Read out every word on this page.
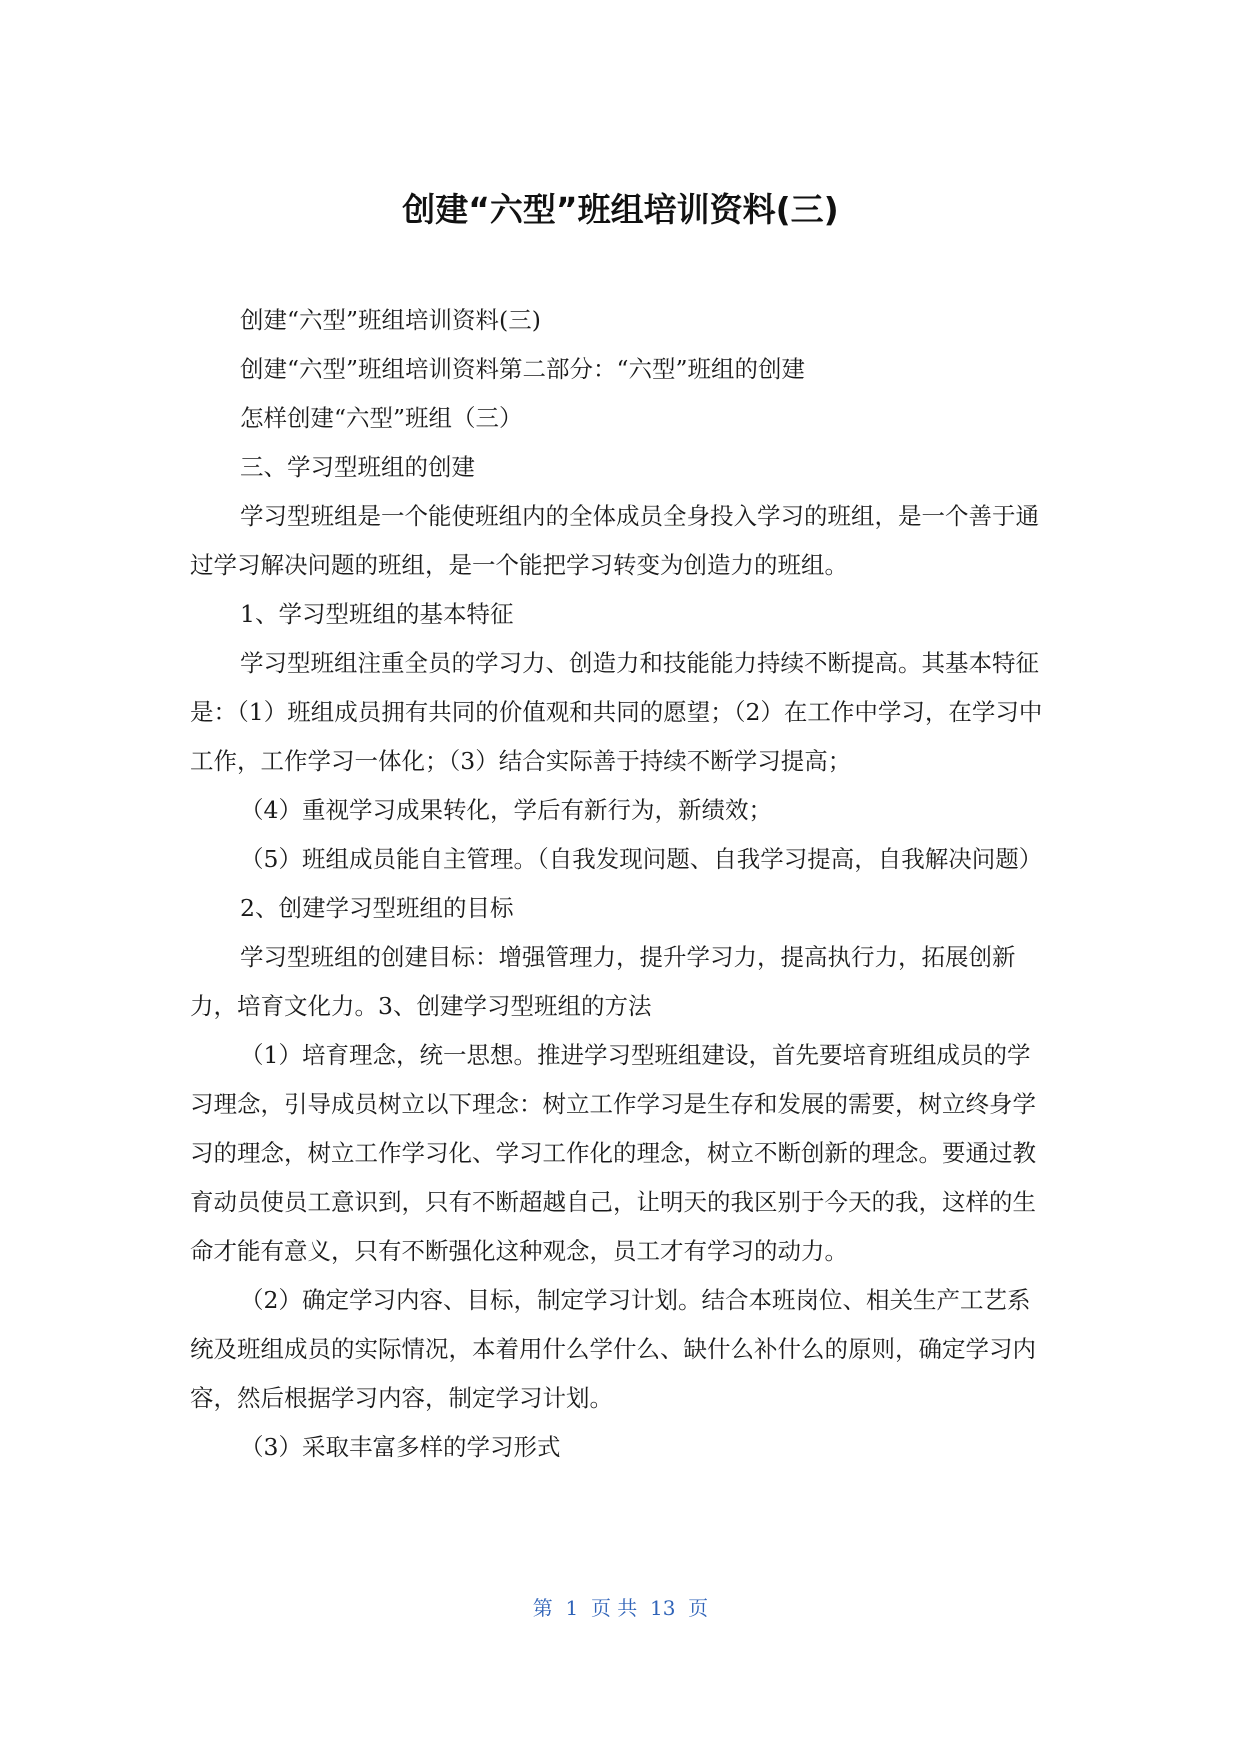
创建“六型”班组培训资料(三)

创建“六型”班组培训资料(三)

创建“六型”班组培训资料第二部分：“六型”班组的创建

怎样创建“六型”班组（三）

三、学习型班组的创建

学习型班组是一个能使班组内的全体成员全身投入学习的班组，是一个善于通过学习解决问题的班组，是一个能把学习转变为创造力的班组。

1、学习型班组的基本特征

学习型班组注重全员的学习力、创造力和技能能力持续不断提高。其基本特征是：（1）班组成员拥有共同的价值观和共同的愿望；（2）在工作中学习，在学习中工作，工作学习一体化；（3）结合实际善于持续不断学习提高；

（4）重视学习成果转化，学后有新行为，新绩效；

（5）班组成员能自主管理。（自我发现问题、自我学习提高，自我解决问题）

2、创建学习型班组的目标

学习型班组的创建目标：增强管理力，提升学习力，提高执行力，拓展创新力，培育文化力。3、创建学习型班组的方法

（1）培育理念，统一思想。推进学习型班组建设，首先要培育班组成员的学习理念，引导成员树立以下理念：树立工作学习是生存和发展的需要，树立终身学习的理念，树立工作学习化、学习工作化的理念，树立不断创新的理念。要通过教育动员使员工意识到，只有不断超越自己，让明天的我区别于今天的我，这样的生命才能有意义，只有不断强化这种观念，员工才有学习的动力。

（2）确定学习内容、目标，制定学习计划。结合本班岗位、相关生产工艺系统及班组成员的实际情况，本着用什么学什么、缺什么补什么的原则，确定学习内容，然后根据学习内容，制定学习计划。

（3）采取丰富多样的学习形式

第  1  页 共  13  页
